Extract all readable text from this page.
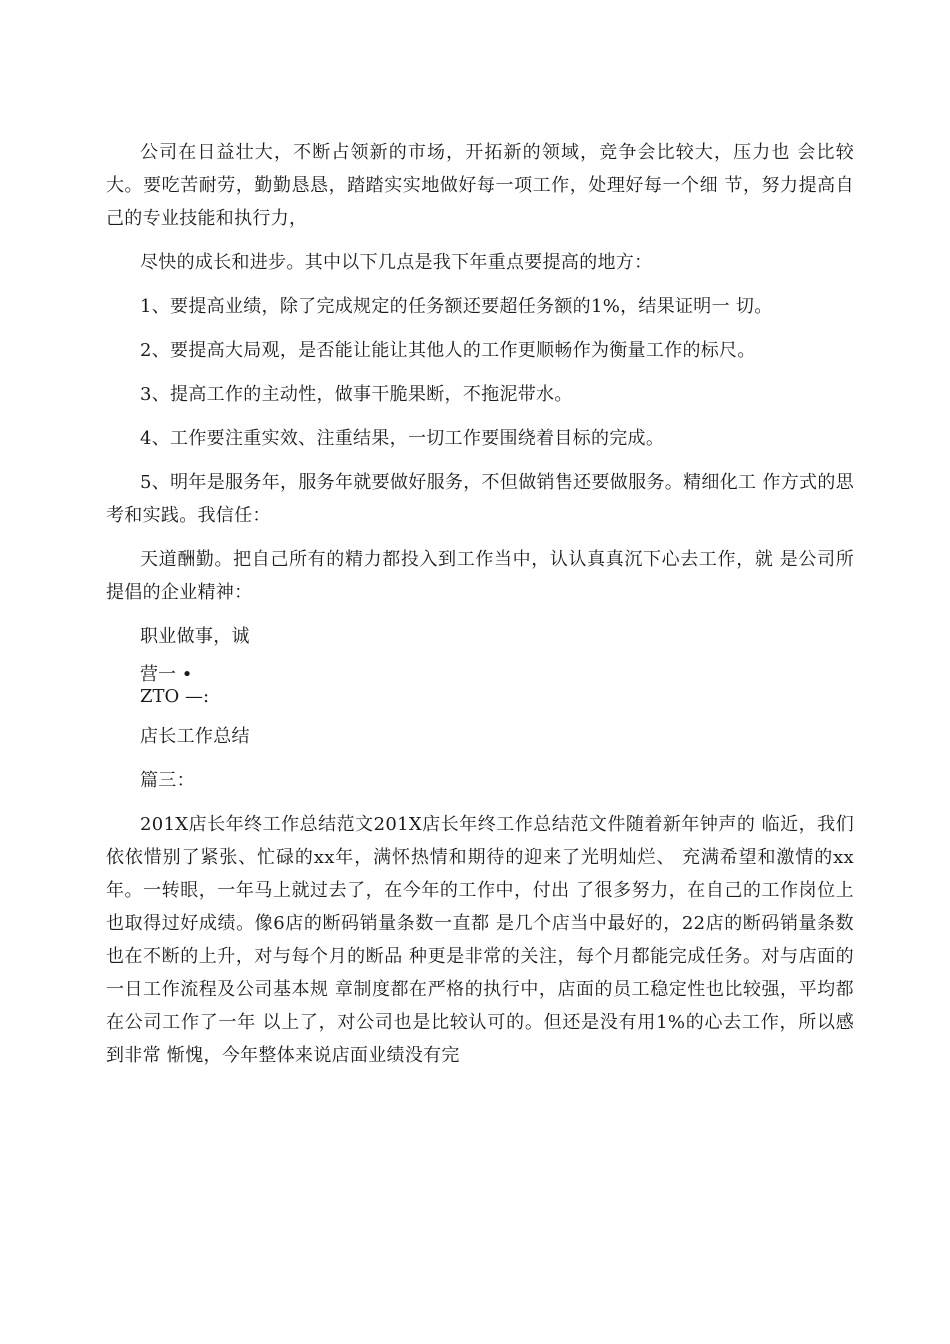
公司在日益壮大，不断占领新的市场，开拓新的领域，竞争会比较大，压力也 会比较大。要吃苦耐劳，勤勤恳恳，踏踏实实地做好每一项工作，处理好每一个细 节，努力提高自己的专业技能和执行力，

尽快的成长和进步。其中以下几点是我下年重点要提高的地方：

1、要提高业绩，除了完成规定的任务额还要超任务额的1%，结果证明一 切。

2、要提高大局观，是否能让能让其他人的工作更顺畅作为衡量工作的标尺。

3、提高工作的主动性，做事干脆果断，不拖泥带水。

4、工作要注重实效、注重结果，一切工作要围绕着目标的完成。

5、明年是服务年，服务年就要做好服务，不但做销售还要做服务。精细化工 作方式的思考和实践。我信任：

天道酬勤。把自己所有的精力都投入到工作当中，认认真真沉下心去工作，就 是公司所提倡的企业精神：

职业做事，诚

营一 •

ZTO —:

店长工作总结

篇三：

201X店长年终工作总结范文201X店长年终工作总结范文件随着新年钟声的 临近，我们依依惜别了紧张、忙碌的xx年，满怀热情和期待的迎来了光明灿烂、 充满希望和激情的xx年。一转眼，一年马上就过去了，在今年的工作中，付出 了很多努力，在自己的工作岗位上也取得过好成绩。像6店的断码销量条数一直都 是几个店当中最好的，22店的断码销量条数也在不断的上升，对与每个月的断品 种更是非常的关注，每个月都能完成任务。对与店面的一日工作流程及公司基本规 章制度都在严格的执行中，店面的员工稳定性也比较强，平均都在公司工作了一年 以上了，对公司也是比较认可的。但还是没有用1%的心去工作，所以感到非常 惭愧，今年整体来说店面业绩没有完
